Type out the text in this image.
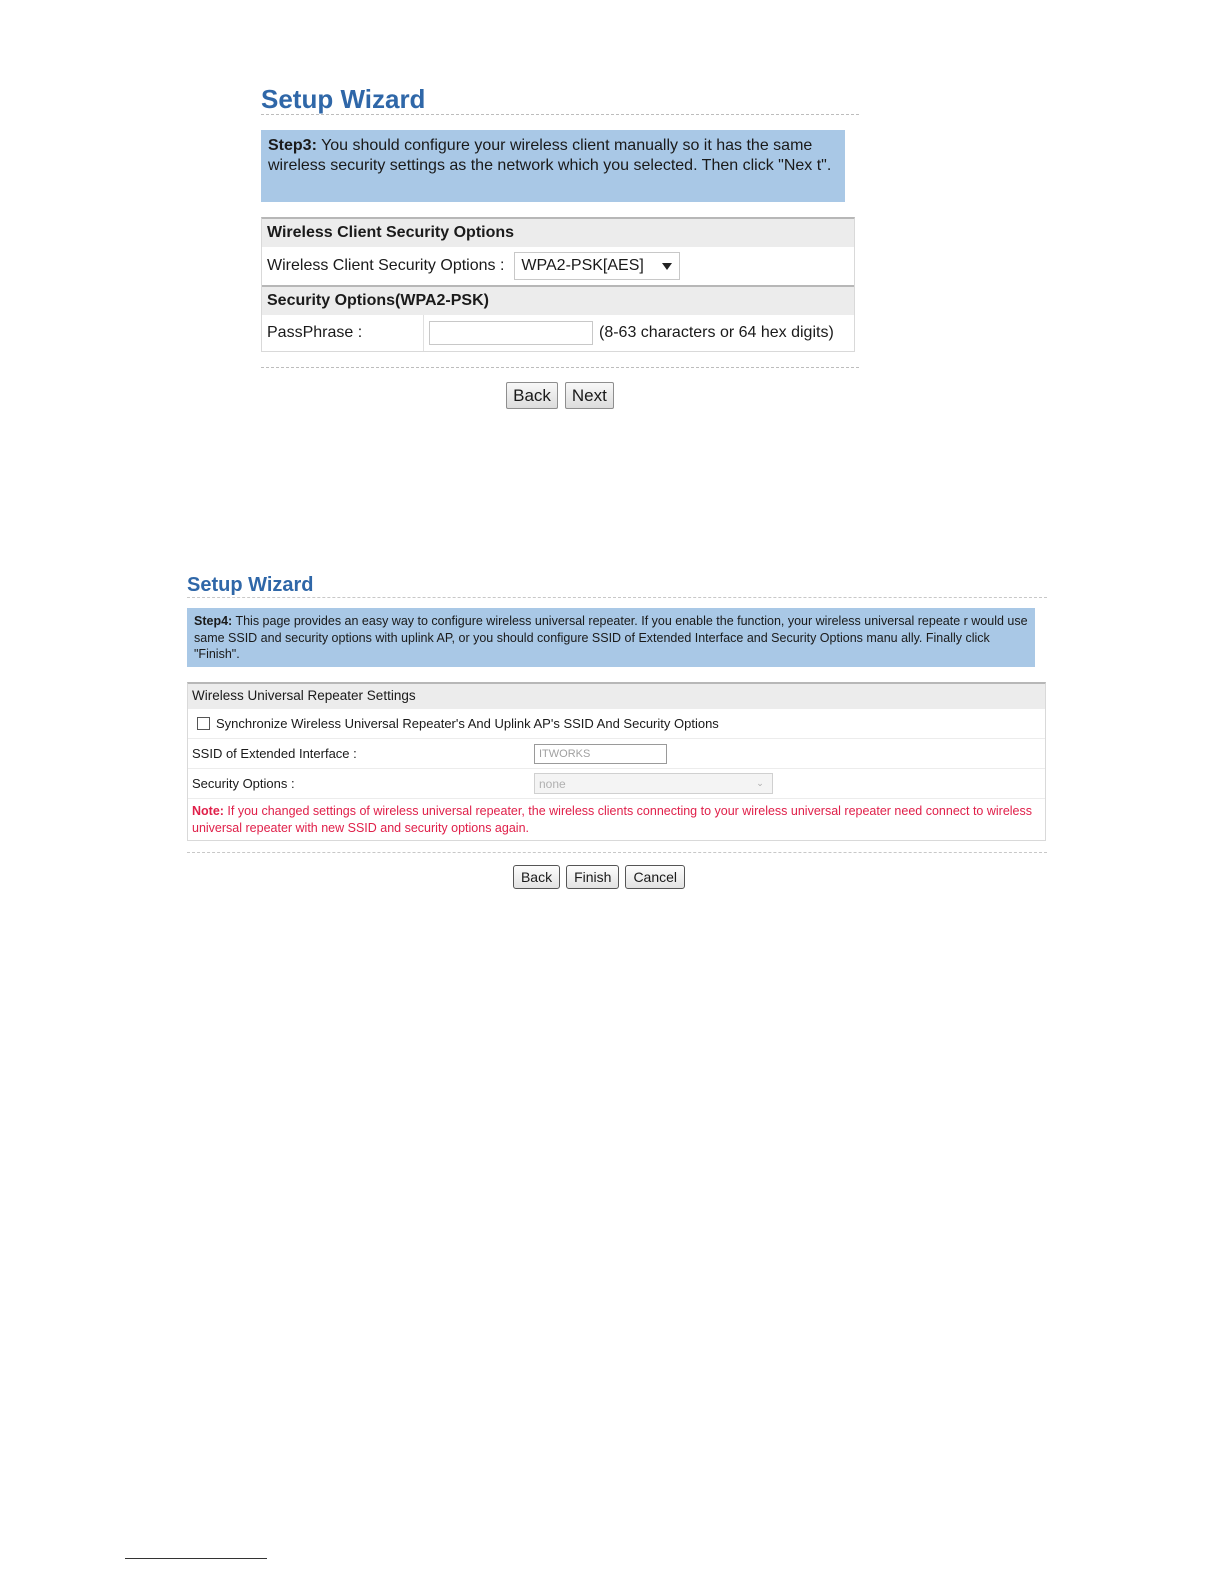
Setup Wizard
Step3: You should configure your wireless client manually so it has the same wireless security settings as the network which you selected. Then click "Nex t".
Wireless Client Security Options
Wireless Client Security Options : WPA2-PSK[AES]
Security Options(WPA2-PSK)
PassPhrase :	(8-63 characters or 64 hex digits)
Back	Next
Setup Wizard
Step4: This page provides an easy way to configure wireless universal repeater. If you enable the function, your wireless universal repeate r would use same SSID and security options with uplink AP, or you should configure SSID of Extended Interface and Security Options manu ally. Finally click "Finish".
Wireless Universal Repeater Settings
Synchronize Wireless Universal Repeater's And Uplink AP's SSID And Security Options
SSID of Extended Interface :	ITWORKS
Security Options :	none	⌄
Note: If you changed settings of wireless universal repeater, the wireless clients connecting to your wireless universal repeater need connect to wireless universal repeater with new SSID and security options again.
Back	Finish	Cancel
